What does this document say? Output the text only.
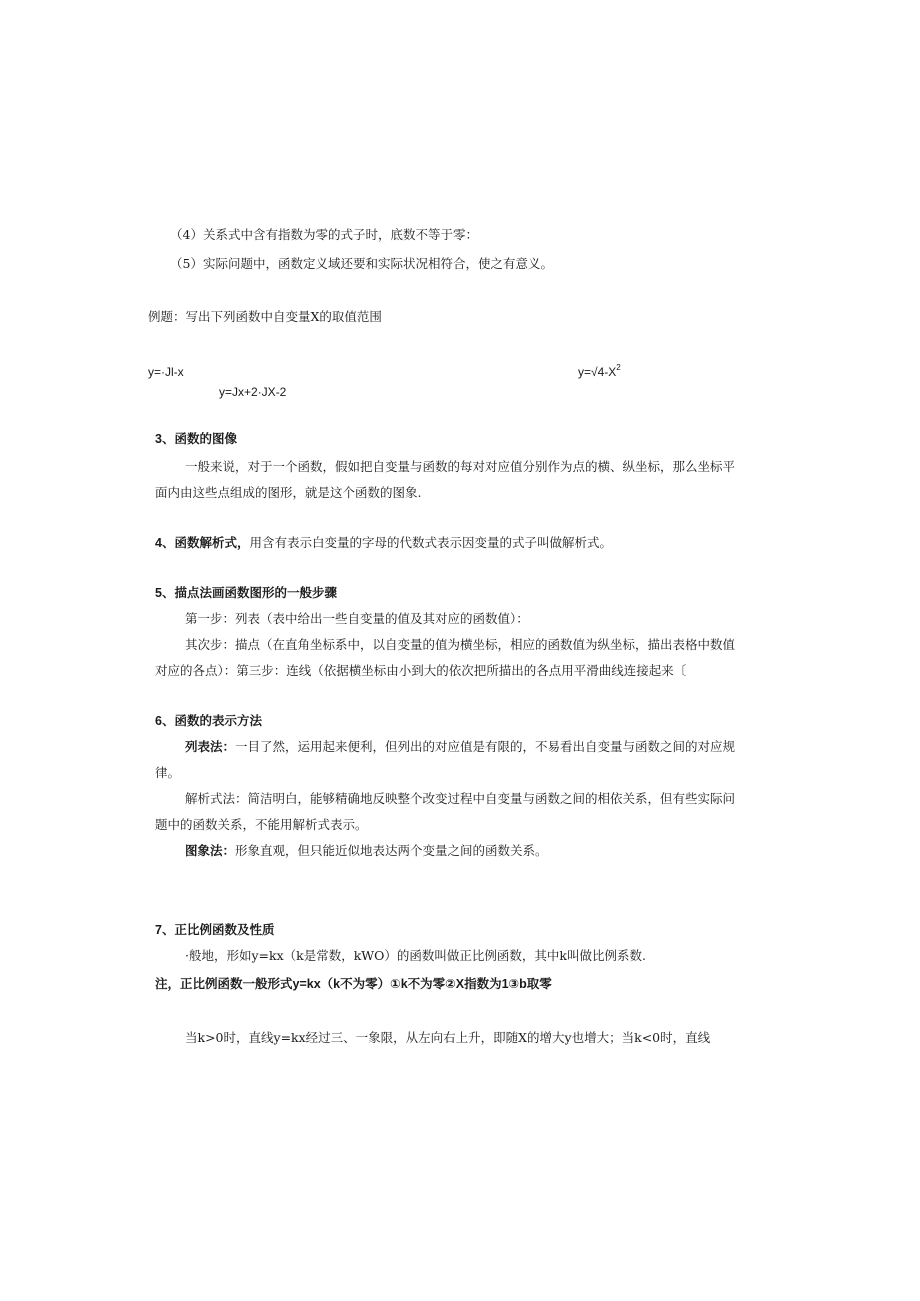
（4）关系式中含有指数为零的式子时，底数不等于零：
（5）实际问题中，函数定义域还要和实际状况相符合，使之有意义。
例题：写出下列函数中自变量X的取值范围
y=·Jl-x	$y=√4-X^2$
y=Jx+2·JX-2
3、函数的图像
一般来说，对于一个函数，假如把自变量与函数的每对对应值分别作为点的横、纵坐标，那么坐标平
面内由这些点组成的图形，就是这个函数的图象.
4、函数解析式，用含有表示白变量的字母的代数式表示因变量的式子叫做解析式。
5、描点法画函数图形的一般步骤
第一步：列表（表中给出一些自变量的值及其对应的函数值）：
其次步：描点（在直角坐标系中，以自变量的值为横坐标，相应的函数值为纵坐标，描出表格中数值
对应的各点）：第三步：连线（依据横坐标由小到大的依次把所描出的各点用平滑曲线连接起来〔
6、函数的表示方法
列表法：一目了然，运用起来便利，但列出的对应值是有限的，不易看出自变量与函数之间的对应规
律。
解析式法：简洁明白，能够精确地反映整个改变过程中自变量与函数之间的相依关系，但有些实际问
题中的函数关系，不能用解析式表示。
图象法：形象直观，但只能近似地表达两个变量之间的函数关系。
7、正比例函数及性质
·般地，形如y=kx（k是常数，kWO）的函数叫做正比例函数，其中k叫做比例系数.
注，正比例函数一般形式y=kx（k不为零）①k不为零②X指数为1③b取零
当k>0时，直线y=kx经过三、一象限，从左向右上升，即随X的增大y也增大；当k<0时，直线
